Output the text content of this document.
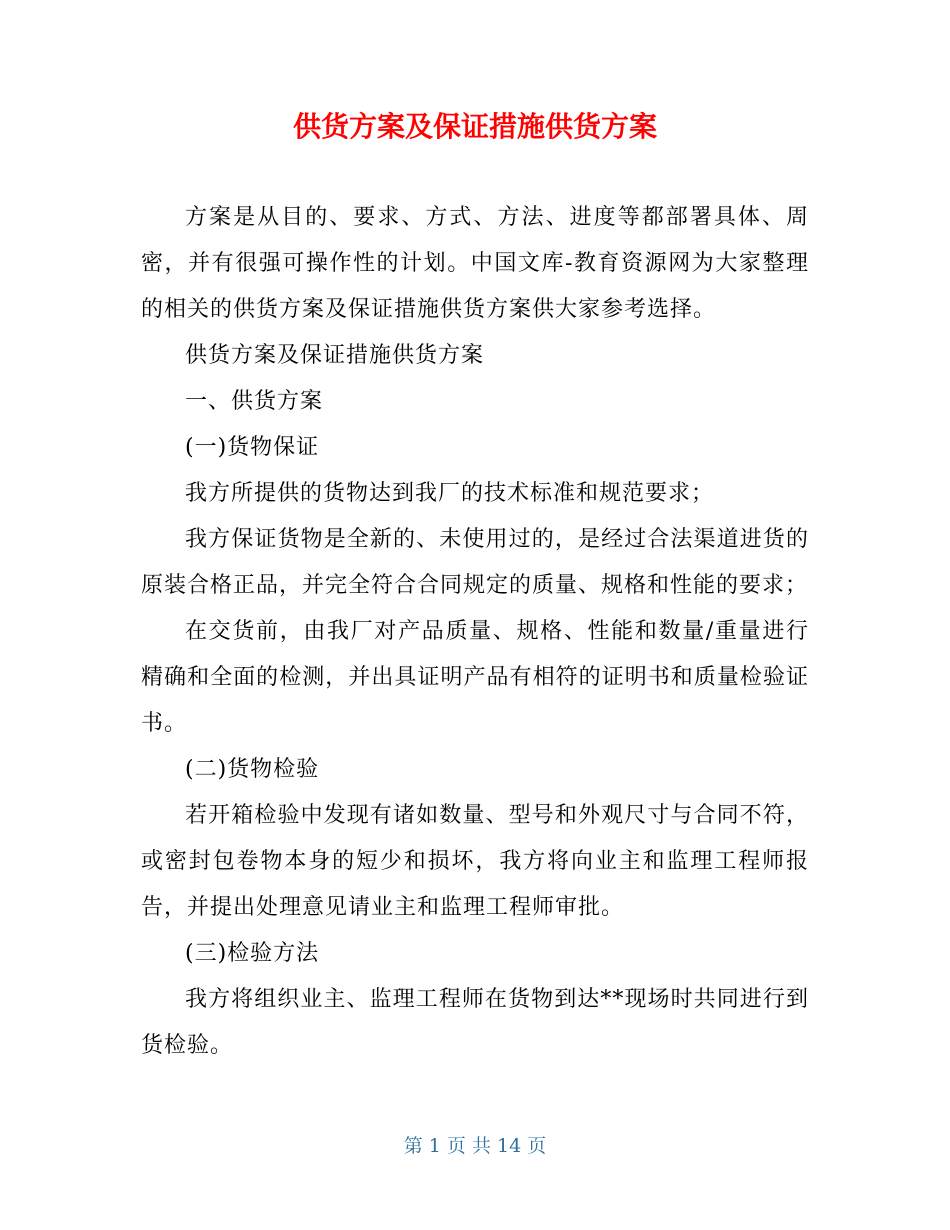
供货方案及保证措施供货方案

方案是从目的、要求、方式、方法、进度等都部署具体、周密，并有很强可操作性的计划。中国文库-教育资源网为大家整理的相关的供货方案及保证措施供货方案供大家参考选择。

供货方案及保证措施供货方案

一、供货方案

(一)货物保证

我方所提供的货物达到我厂的技术标准和规范要求；

我方保证货物是全新的、未使用过的，是经过合法渠道进货的原装合格正品，并完全符合合同规定的质量、规格和性能的要求；

在交货前，由我厂对产品质量、规格、性能和数量/重量进行精确和全面的检测，并出具证明产品有相符的证明书和质量检验证书。

(二)货物检验

若开箱检验中发现有诸如数量、型号和外观尺寸与合同不符，或密封包卷物本身的短少和损坏，我方将向业主和监理工程师报告，并提出处理意见请业主和监理工程师审批。

(三)检验方法

我方将组织业主、监理工程师在货物到达**现场时共同进行到货检验。

第 1 页 共 14 页
